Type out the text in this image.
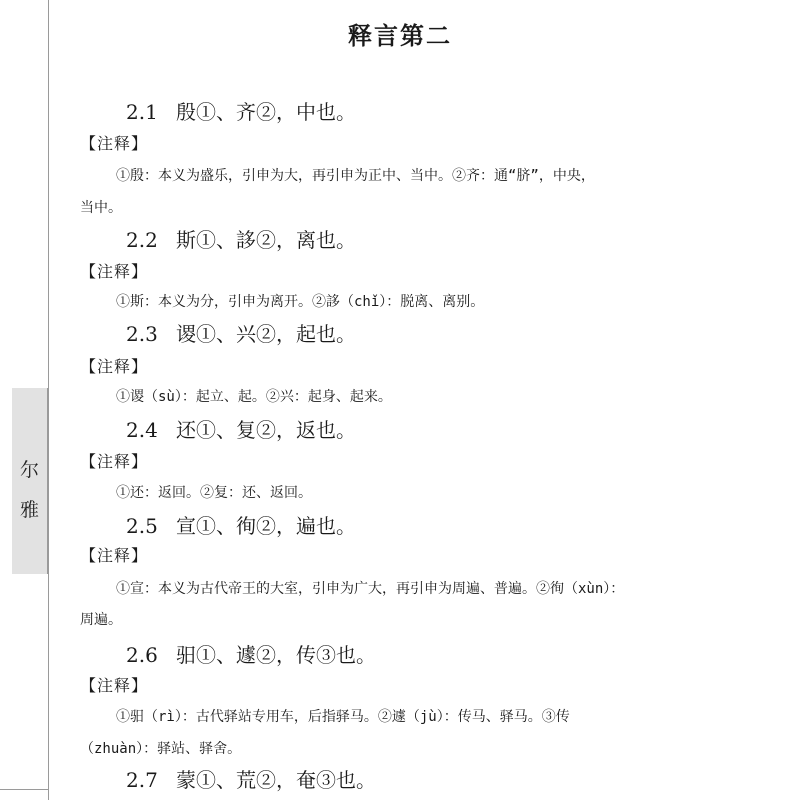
尔
雅
释言第二
2.1 殷①、齐②，中也。
【注释】
①殷：本义为盛乐，引申为大，再引申为正中、当中。②齐：通“脐”，中央，
当中。
2.2 斯①、誃②，离也。
【注释】
①斯：本义为分，引申为离开。②誃（chǐ）：脱离、离别。
2.3 谡①、兴②，起也。
【注释】
①谡（sù）：起立、起。②兴：起身、起来。
2.4 还①、复②，返也。
【注释】
①还：返回。②复：还、返回。
2.5 宣①、徇②，遍也。
【注释】
①宣：本义为古代帝王的大室，引申为广大，再引申为周遍、普遍。②徇（xùn）：
周遍。
2.6 驲①、遽②，传③也。
【注释】
①驲（rì）：古代驿站专用车，后指驿马。②遽（jù）：传马、驿马。③传
（zhuàn）：驿站、驿舍。
2.7 蒙①、荒②，奄③也。
